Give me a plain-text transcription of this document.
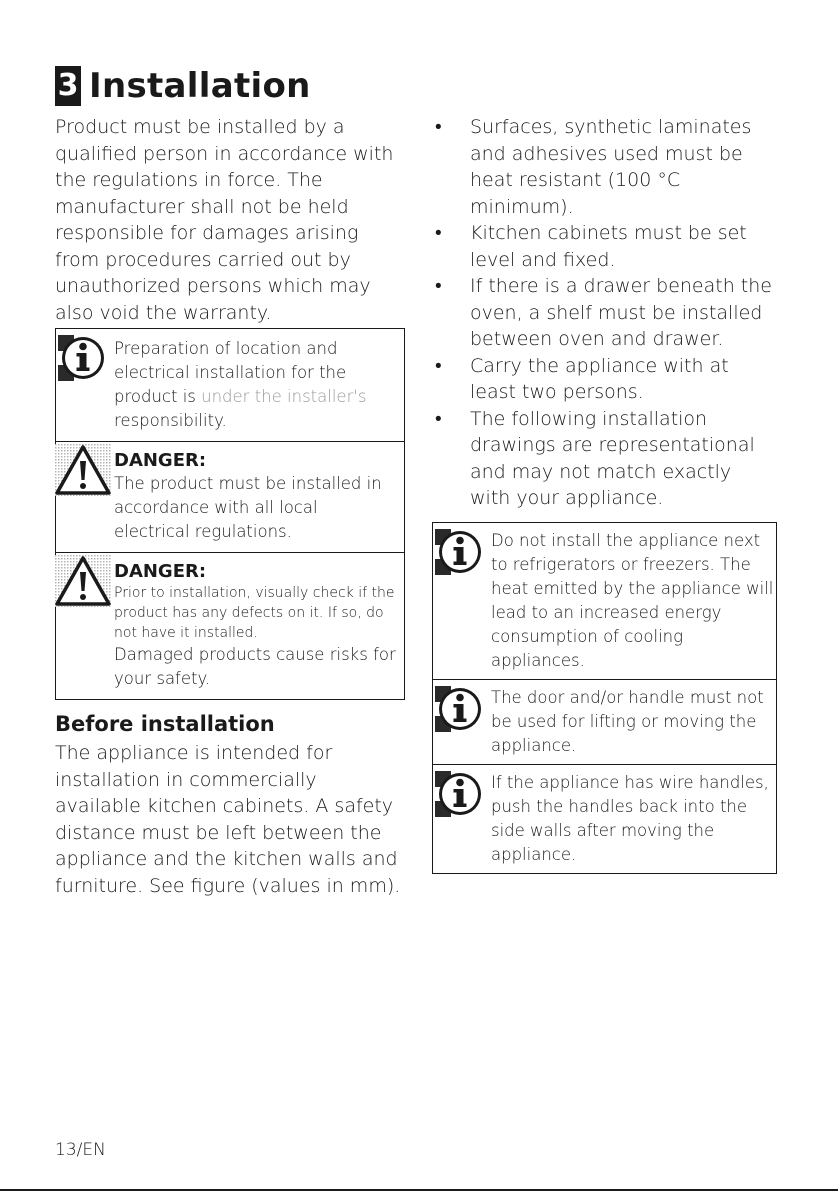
3 Installation

Product must be installed by a qualified person in accordance with the regulations in force. The manufacturer shall not be held responsible for damages arising from procedures carried out by unauthorized persons which may also void the warranty.

Preparation of location and electrical installation for the product is under the installer's responsibility.
DANGER:
The product must be installed in accordance with all local electrical regulations.
DANGER:
Prior to installation, visually check if the product has any defects on it. If so, do not have it installed.
Damaged products cause risks for your safety.
Before installation

The appliance is intended for installation in commercially available kitchen cabinets. A safety distance must be left between the appliance and the kitchen walls and furniture. See figure (values in mm).

• Surfaces, synthetic laminates and adhesives used must be heat resistant (100 °C minimum).
• Kitchen cabinets must be set level and fixed.
• If there is a drawer beneath the oven, a shelf must be installed between oven and drawer.
• Carry the appliance with at least two persons.
• The following installation drawings are representational and may not match exactly with your appliance.
Do not install the appliance next to refrigerators or freezers. The heat emitted by the appliance will lead to an increased energy consumption of cooling appliances.
The door and/or handle must not be used for lifting or moving the appliance.
If the appliance has wire handles, push the handles back into the side walls after moving the appliance.
13/EN
